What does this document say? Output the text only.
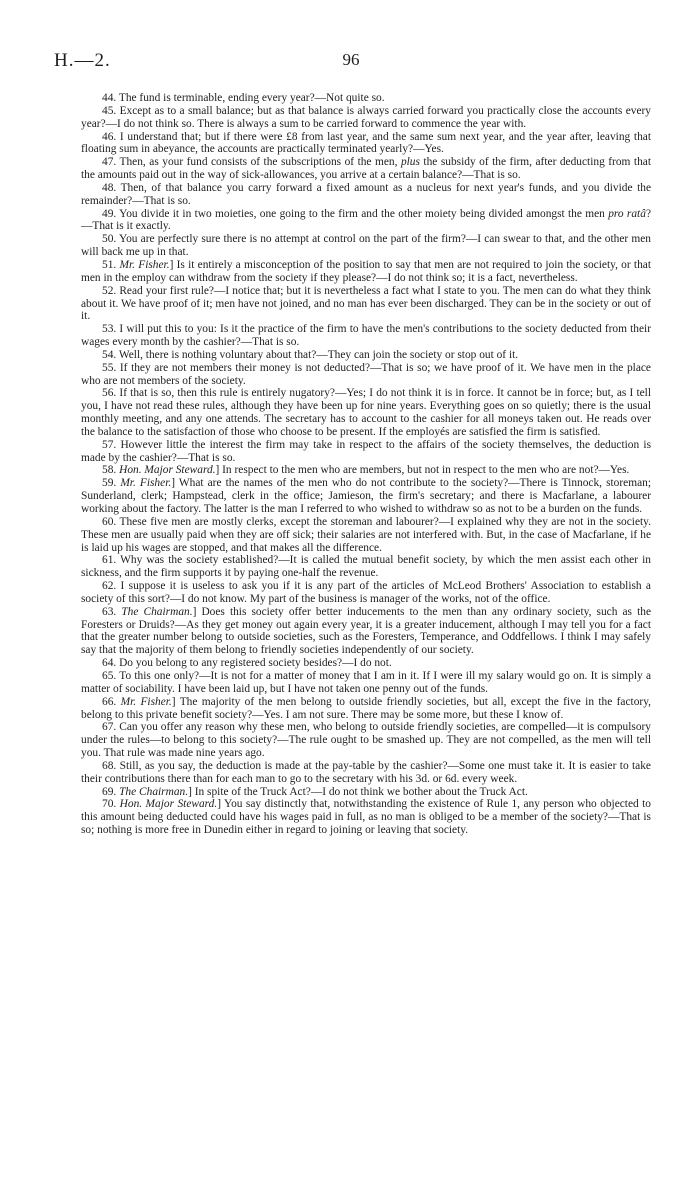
H.—2.	96

44. The fund is terminable, ending every year?—Not quite so.

45. Except as to a small balance; but as that balance is always carried forward you practically close the accounts every year?—I do not think so. There is always a sum to be carried forward to commence the year with.

46. I understand that; but if there were £8 from last year, and the same sum next year, and the year after, leaving that floating sum in abeyance, the accounts are practically terminated yearly?—Yes.

47. Then, as your fund consists of the subscriptions of the men, plus the subsidy of the firm, after deducting from that the amounts paid out in the way of sick-allowances, you arrive at a certain balance?—That is so.

48. Then, of that balance you carry forward a fixed amount as a nucleus for next year's funds, and you divide the remainder?—That is so.

49. You divide it in two moieties, one going to the firm and the other moiety being divided amongst the men pro ratâ?—That is it exactly.

50. You are perfectly sure there is no attempt at control on the part of the firm?—I can swear to that, and the other men will back me up in that.

51. Mr. Fisher.] Is it entirely a misconception of the position to say that men are not required to join the society, or that men in the employ can withdraw from the society if they please?—I do not think so; it is a fact, nevertheless.

52. Read your first rule?—I notice that; but it is nevertheless a fact what I state to you. The men can do what they think about it. We have proof of it; men have not joined, and no man has ever been discharged. They can be in the society or out of it.

53. I will put this to you: Is it the practice of the firm to have the men's contributions to the society deducted from their wages every month by the cashier?—That is so.

54. Well, there is nothing voluntary about that?—They can join the society or stop out of it.

55. If they are not members their money is not deducted?—That is so; we have proof of it. We have men in the place who are not members of the society.

56. If that is so, then this rule is entirely nugatory?—Yes; I do not think it is in force. It cannot be in force; but, as I tell you, I have not read these rules, although they have been up for nine years. Everything goes on so quietly; there is the usual monthly meeting, and any one attends. The secretary has to account to the cashier for all moneys taken out. He reads over the balance to the satisfaction of those who choose to be present. If the employés are satisfied the firm is satisfied.

57. However little the interest the firm may take in respect to the affairs of the society themselves, the deduction is made by the cashier?—That is so.

58. Hon. Major Steward.] In respect to the men who are members, but not in respect to the men who are not?—Yes.

59. Mr. Fisher.] What are the names of the men who do not contribute to the society?—There is Tinnock, storeman; Sunderland, clerk; Hampstead, clerk in the office; Jamieson, the firm's secretary; and there is Macfarlane, a labourer working about the factory. The latter is the man I referred to who wished to withdraw so as not to be a burden on the funds.

60. These five men are mostly clerks, except the storeman and labourer?—I explained why they are not in the society. These men are usually paid when they are off sick; their salaries are not interfered with. But, in the case of Macfarlane, if he is laid up his wages are stopped, and that makes all the difference.

61. Why was the society established?—It is called the mutual benefit society, by which the men assist each other in sickness, and the firm supports it by paying one-half the revenue.

62. I suppose it is useless to ask you if it is any part of the articles of McLeod Brothers' Association to establish a society of this sort?—I do not know. My part of the business is manager of the works, not of the office.

63. The Chairman.] Does this society offer better inducements to the men than any ordinary society, such as the Foresters or Druids?—As they get money out again every year, it is a greater inducement, although I may tell you for a fact that the greater number belong to outside societies, such as the Foresters, Temperance, and Oddfellows. I think I may safely say that the majority of them belong to friendly societies independently of our society.

64. Do you belong to any registered society besides?—I do not.

65. To this one only?—It is not for a matter of money that I am in it. If I were ill my salary would go on. It is simply a matter of sociability. I have been laid up, but I have not taken one penny out of the funds.

66. Mr. Fisher.] The majority of the men belong to outside friendly societies, but all, except the five in the factory, belong to this private benefit society?—Yes. I am not sure. There may be some more, but these I know of.

67. Can you offer any reason why these men, who belong to outside friendly societies, are compelled—it is compulsory under the rules—to belong to this society?—The rule ought to be smashed up. They are not compelled, as the men will tell you. That rule was made nine years ago.

68. Still, as you say, the deduction is made at the pay-table by the cashier?—Some one must take it. It is easier to take their contributions there than for each man to go to the secretary with his 3d. or 6d. every week.

69. The Chairman.] In spite of the Truck Act?—I do not think we bother about the Truck Act.

70. Hon. Major Steward.] You say distinctly that, notwithstanding the existence of Rule 1, any person who objected to this amount being deducted could have his wages paid in full, as no man is obliged to be a member of the society?—That is so; nothing is more free in Dunedin either in regard to joining or leaving that society.
